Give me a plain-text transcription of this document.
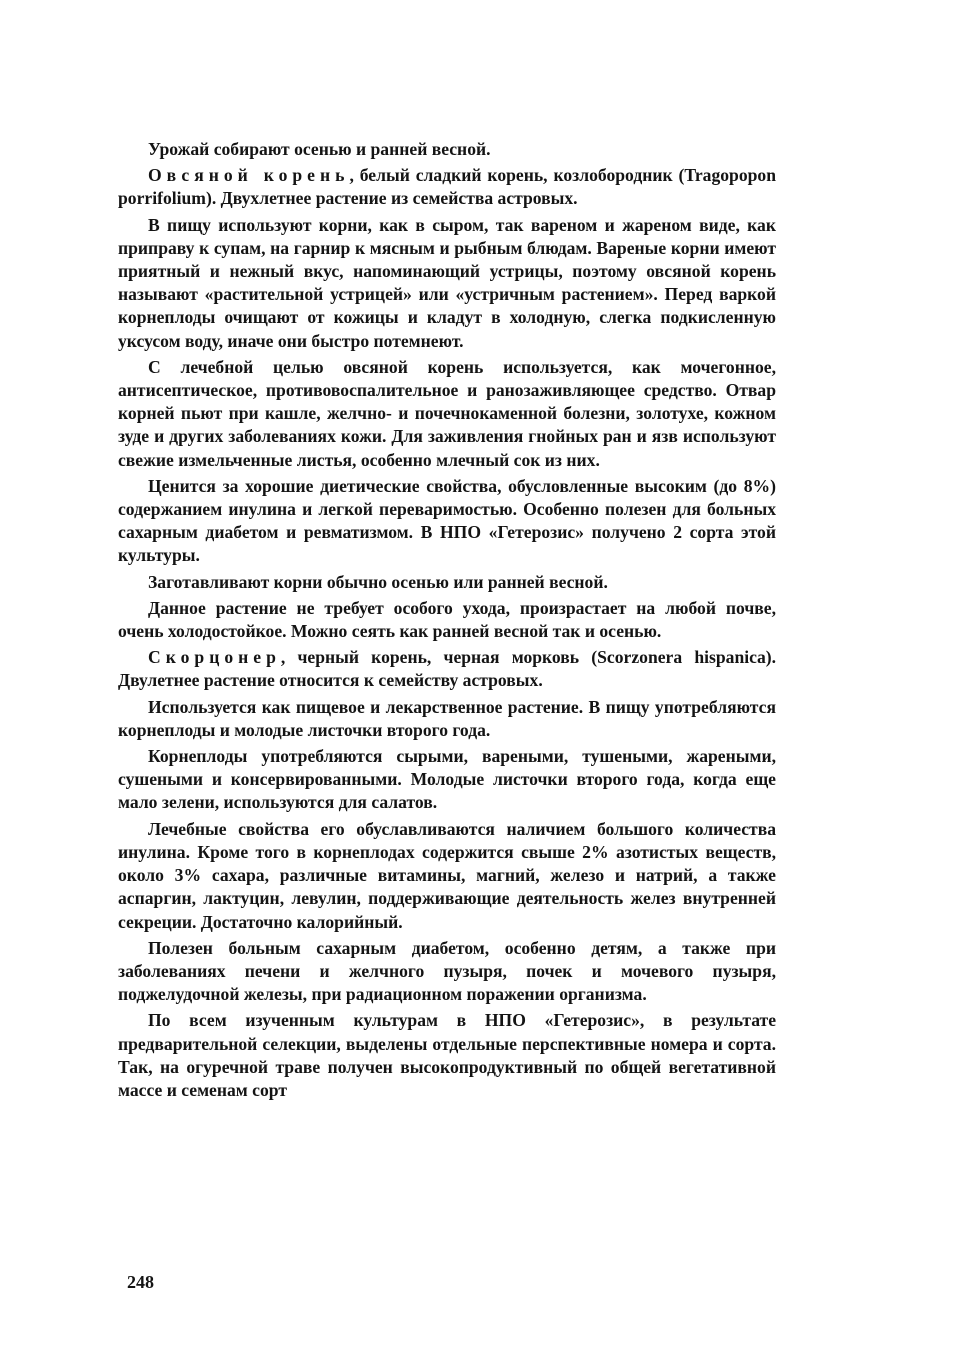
Урожай собирают осенью и ранней весной.

Овсяной корень, белый сладкий корень, козлобородник (Tragopopon porrifolium). Двухлетнее растение из семейства астровых.

В пищу используют корни, как в сыром, так вареном и жареном виде, как приправу к супам, на гарнир к мясным и рыбным блюдам. Вареные корни имеют приятный и нежный вкус, напоминающий устрицы, поэтому овсяной корень называют «растительной устрицей» или «устричным растением». Перед варкой корнеплоды очищают от кожицы и кладут в холодную, слегка подкисленную уксусом воду, иначе они быстро потемнеют.

С лечебной целью овсяной корень используется, как мочегонное, антисептическое, противовоспалительное и ранозаживляющее средство. Отвар корней пьют при кашле, желчно- и почечнокаменной болезни, золотухе, кожном зуде и других заболеваниях кожи. Для заживления гнойных ран и язв используют свежие измельченные листья, особенно млечный сок из них.

Ценится за хорошие диетические свойства, обусловленные высоким (до 8%) содержанием инулина и легкой переваримостью. Особенно полезен для больных сахарным диабетом и ревматизмом. В НПО «Гетерозис» получено 2 сорта этой культуры.

Заготавливают корни обычно осенью или ранней весной.

Данное растение не требует особого ухода, произрастает на любой почве, очень холодостойкое. Можно сеять как ранней весной так и осенью.

Скорцонер, черный корень, черная морковь (Scorzonera hispanica). Двулетнее растение относится к семейству астровых.

Используется как пищевое и лекарственное растение. В пищу употребляются корнеплоды и молодые листочки второго года.

Корнеплоды употребляются сырыми, вареными, тушеными, жареными, сушеными и консервированными. Молодые листочки второго года, когда еще мало зелени, используются для салатов.

Лечебные свойства его обуславливаются наличием большого количества инулина. Кроме того в корнеплодах содержится свыше 2% азотистых веществ, около 3% сахара, различные витамины, магний, железо и натрий, а также аспаргин, лактуцин, левулин, поддерживающие деятельность желез внутренней секреции. Достаточно калорийный.

Полезен больным сахарным диабетом, особенно детям, а также при заболеваниях печени и желчного пузыря, почек и мочевого пузыря, поджелудочной железы, при радиационном поражении организма.

По всем изученным культурам в НПО «Гетерозис», в результате предварительной селекции, выделены отдельные перспективные номера и сорта. Так, на огуречной траве получен высокопродуктивный по общей вегетативной массе и семенам сорт

248
